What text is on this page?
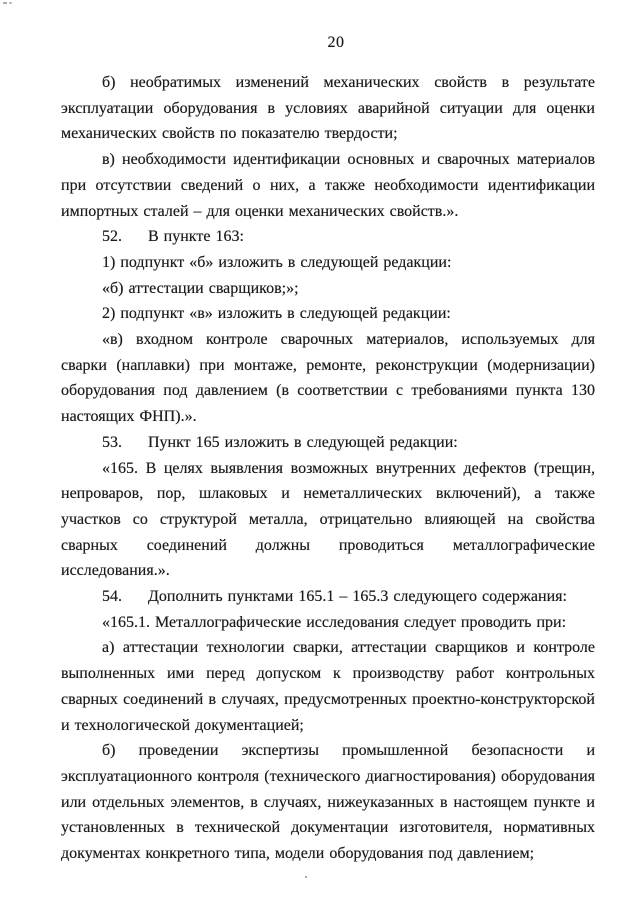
20

б) необратимых изменений механических свойств в результате эксплуатации оборудования в условиях аварийной ситуации для оценки механических свойств по показателю твердости;

в) необходимости идентификации основных и сварочных материалов при отсутствии сведений о них, а также необходимости идентификации импортных сталей – для оценки механических свойств.».

52. В пункте 163:

1) подпункт «б» изложить в следующей редакции:

«б) аттестации сварщиков;»;

2) подпункт «в» изложить в следующей редакции:

«в) входном контроле сварочных материалов, используемых для сварки (наплавки) при монтаже, ремонте, реконструкции (модернизации) оборудования под давлением (в соответствии с требованиями пункта 130 настоящих ФНП).».

53. Пункт 165 изложить в следующей редакции:

«165. В целях выявления возможных внутренних дефектов (трещин, непроваров, пор, шлаковых и неметаллических включений), а также участков со структурой металла, отрицательно влияющей на свойства сварных соединений должны проводиться металлографические исследования.».

54. Дополнить пунктами 165.1 – 165.3 следующего содержания:

«165.1. Металлографические исследования следует проводить при:

а) аттестации технологии сварки, аттестации сварщиков и контроле выполненных ими перед допуском к производству работ контрольных сварных соединений в случаях, предусмотренных проектно-конструкторской и технологической документацией;

б) проведении экспертизы промышленной безопасности и эксплуатационного контроля (технического диагностирования) оборудования или отдельных элементов, в случаях, нижеуказанных в настоящем пункте и установленных в технической документации изготовителя, нормативных документах конкретного типа, модели оборудования под давлением;
